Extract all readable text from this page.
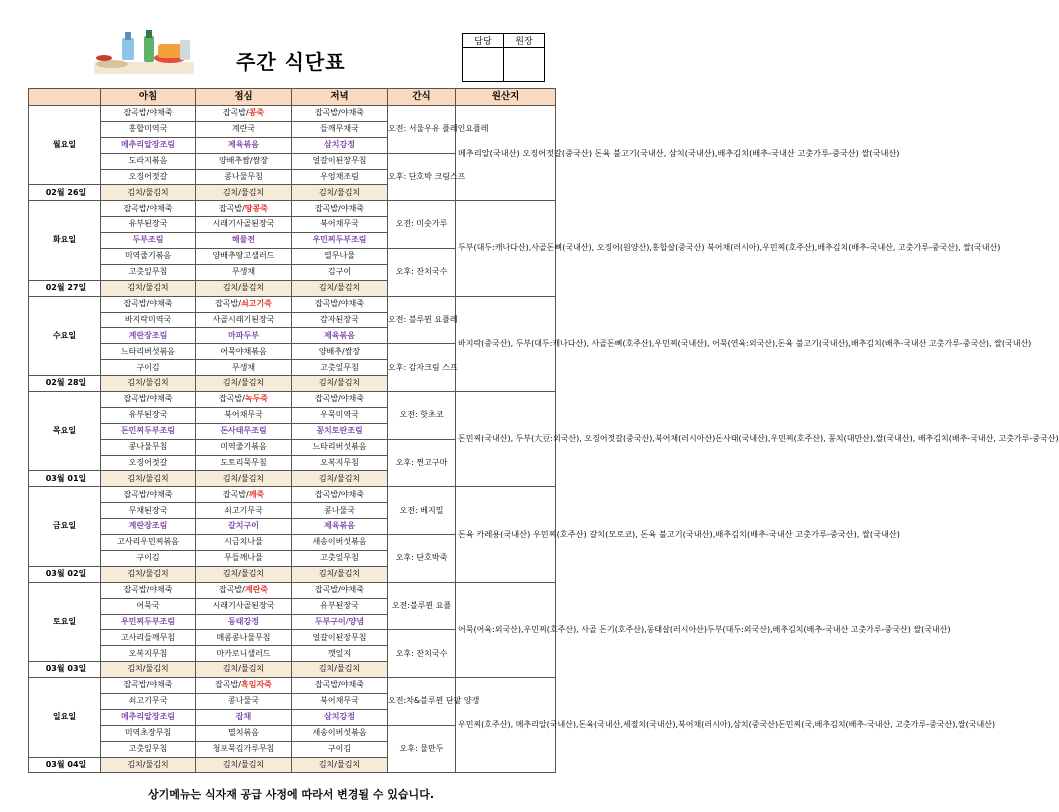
주간 식단표
담당	원장

	아침	점심	저녁	간식	원산지
월요일	잡곡밥/야채죽	잡곡밥/콩죽	잡곡밥/야채죽	오전: 서울우유 플레인요플레	메추리알(국내산) 오징어젓갈(중국산) 돈육 불고기(국내산, 삼치(국내산),배추김치(배추-국내산 고춧가루-중국산) 쌀(국내산)
	홍합미역국	계란국	들깨무채국		
	메추리알장조림	제육볶음	삼치강정		
	도라지볶음	양배추쌈/쌈장	얼갈이된장무침	오후: 단호박 크림스프	
	오징어젓갈	콩나물무침	우엉채조림		
02월 26일	김치/물김치	김치/물김치	김치/물김치		
화요일	잡곡밥/야채죽	잡곡밥/땅콩죽	잡곡밥/야채죽	오전: 미숫가루	두부(대두:캐나다산),사골돈뼈(국내산), 오징어(원양산),홍합살(중국산) 북어채(러시아),우민찌(호주산),배추김치(배추-국내산, 고춧가루-중국산), 쌀(국내산)
	유부된장국	시래기사골된장국	북어채무국		
	두부조림	해물전	우민찌두부조림		
	미역줄기볶음	양배추땅고샐러드	열무나물	오후: 잔치국수	
	고춧잎무침	무생채	김구이		
02월 27일	김치/물김치	김치/물김치	김치/물김치		
수요일	잡곡밥/야채죽	잡곡밥/쇠고기죽	잡곡밥/야채죽	오전: 블루뮌 요플레	바지락(중국산), 두부(대두:캐나다산), 사골돈뼈(호주산),우민찌(국내산), 어묵(연육:외국산),돈육 불고기(국내산),배추김치(배추-국내산 고춧가루-중국산), 쌀(국내산)
	바지락미역국	사골시래기된장국	감자된장국		
	계란장조림	마파두부	제육볶음		
	느타리버섯볶음	어묵야채볶음	양배추/쌈장	오후: 감자크림 스프	
	구이김	무생채	고춧잎무침		
02월 28일	김치/물김치	김치/물김치	김치/물김치		
목요일	잡곡밥/야채죽	잡곡밥/녹두죽	잡곡밥/야채죽	오전: 핫초코	돈민찌(국내산), 두부(大豆:외국산), 오징어젓갈(중국산),북어채(러시아산)돈사태(국내산),우민찌(호주산), 꽁치(대만산),쌀(국내산), 배추김치(배추-국내산, 고춧가루-중국산)
	유부된장국	북어채무국	우묵미역국		
	돈민찌두부조림	돈사태무조림	꽁치토란조림		
	콩나물무침	미역줄기볶음	느타리버섯볶음	오후: 찐고구마	
	오징어젓갈	도토리묵무침	오복지무침		
03월 01일	김치/물김치	김치/물김치	김치/물김치		
금요일	잡곡밥/야채죽	잡곡밥/깨죽	잡곡밥/야채죽	오전: 베지밀	돈육 카레용(국내산) 우민찌(호주산) 갈치(모로코), 돈육 불고기(국내산),배추김치(배추-국내산 고춧가루-중국산), 쌀(국내산)
	무채된장국	쇠고기무국	콩나물국		
	계란장조림	갈치구이	제육볶음		
	고사리우민찌볶음	시금치나물	새송이버섯볶음	오후: 단호박죽	
	구이김	무들깨나물	고춧잎무침		
03월 02일	김치/물김치	김치/물김치	김치/물김치		
토요일	잡곡밥/야채죽	잡곡밥/계란죽	잡곡밥/야채죽	오전:블루뮌 요플	어묵(어육:외국산),우민찌(호주산), 사골 돈기(호주산),동태살(러시아산)두부(대두:외국산),배추김치(배추-국내산 고춧가루-중국산) 쌀(국내산)
	어묵국	시래기사골된장국	유부된장국		
	우민찌두부조림	동태강정	두부구이/양념		
	고사리들깨무침	매콤콩나물무침	얼갈이된장무침	오후: 잔치국수	
	오복지무침	마카로니샐러드	깻잎지		
03월 03일	김치/물김치	김치/물김치	김치/물김치		
일요일	잡곡밥/야채죽	잡곡밥/흑임자죽	잡곡밥/야채죽	오전:차&블루뮌 단팥 양갱	우민찌(호주산), 메추리알(국내산),돈육(국내산,세절치(국내산),북어채(러시아),삼치(중국산)돈민찌(국,배추김치(배추-국내산, 고춧가루-중국산),쌀(국내산)
	쇠고기무국	콩나물국	북어채무국		
	메추리알장조림	잡채	삼치강정		
	미역초장무침	멸치볶음	새송이버섯볶음	오후: 물만두	
	고춧잎무침	청포묵김가루무침	구이김		
03월 04일	김치/물김치	김치/물김치	김치/물김치		
상기메뉴는 식자재 공급 사정에 따라서 변경될 수 있습니다.
